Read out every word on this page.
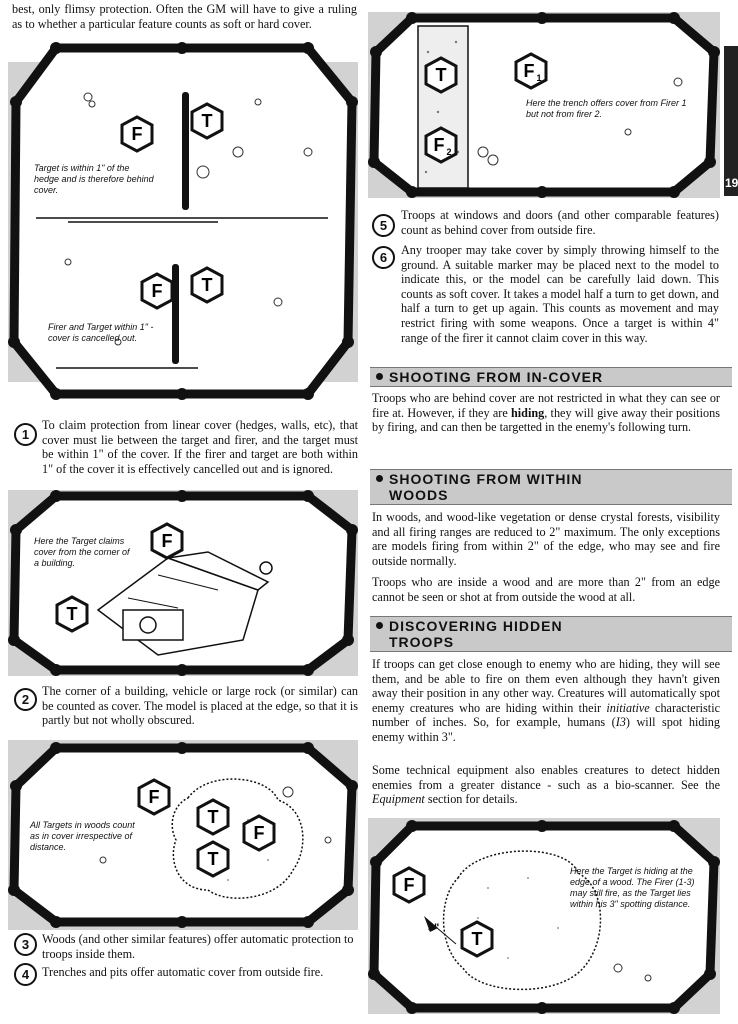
19

best, only flimsy protection. Often the GM will have to give a ruling as to whether a particular feature counts as soft or hard cover.

F
T
F T
Target is within 1" of the hedge and is therefore behind cover.
Firer and Target within 1" - cover is cancelled out.
1

To claim protection from linear cover (hedges, walls, etc), that cover must lie between the target and firer, and the target must be within 1" of the cover. If the firer and target are both within 1" of the cover it is effectively cancelled out and is ignored.

F
T
Here the Target claims cover from the corner of a building.
2

The corner of a building, vehicle or large rock (or similar) can be counted as cover. The model is placed at the edge, so that it is partly but not wholly obscured.

F
T
F
T
All Targets in woods count as in cover irrespective of distance.
3	Woods (and other similar features) offer automatic protection to troops inside them.

4	Trenches and pits offer automatic cover from outside fire.

T	F 1
F 2
Here the trench offers cover from Firer 1 but not from firer 2.
5

Troops at windows and doors (and other comparable features) count as behind cover from outside fire.

6	Any trooper may take cover by simply throwing himself to the ground. A suitable marker may be placed next to the model to indicate this, or the model can be carefully laid down. This counts as soft cover. It takes a model half a turn to get down, and half a turn to get up again. This counts as movement and may restrict firing with some weapons. Once a target is within 4" range of the firer it cannot claim cover in this way.

SHOOTING FROM IN-COVER

Troops who are behind cover are not restricted in what they can see or fire at. However, if they are hiding, they will give away their positions by firing, and can then be targetted in the enemy's following turn.

SHOOTING FROM WITHIN
WOODS

In woods, and wood-like vegetation or dense crystal forests, visibility and all firing ranges are reduced to 2" maximum. The only exceptions are models firing from within 2" of the edge, who may see and fire outside normally.

Troops who are inside a wood and are more than 2" from an edge cannot be seen or shot at from outside the wood at all.

DISCOVERING HIDDEN
TROOPS

If troops can get close enough to enemy who are hiding, they will see them, and be able to fire on them even although they havn't given away their position in any other way. Creatures will automatically spot enemy creatures who are hiding within their initiative characteristic number of inches. So, for example, humans (I3) will spot hiding enemy within 3".

Some technical equipment also enables creatures to detect hidden enemies from a greater distance - such as a bio-scanner. See the Equipment section for details.

F
T
3"
Here the Target is hiding at the edge of a wood. The Firer (1-3) may still fire, as the Target lies within his 3" spotting distance.
